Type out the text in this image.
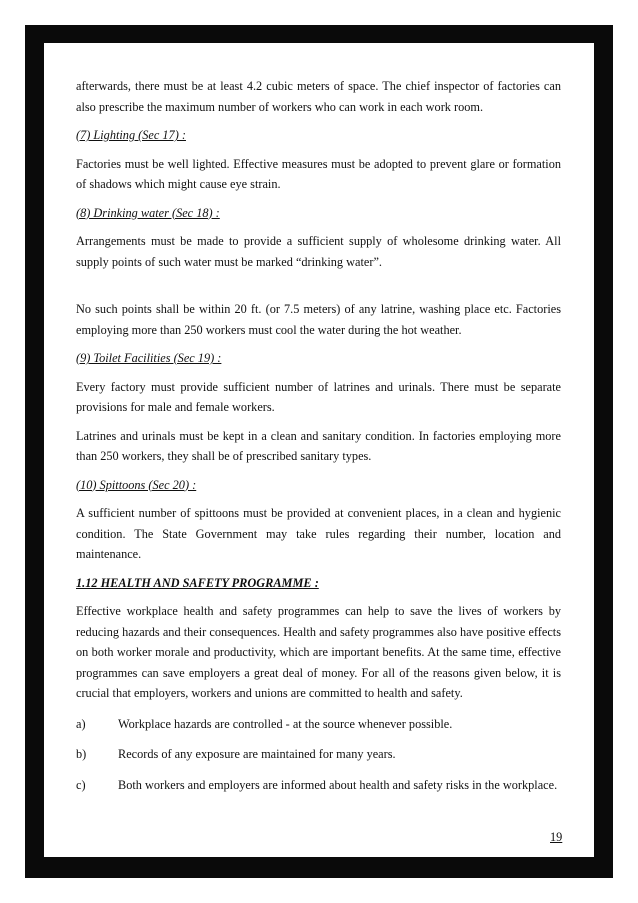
afterwards, there must be at least 4.2 cubic meters of space. The chief inspector of factories can also prescribe the maximum number of workers who can work in each work room.

(7) Lighting (Sec 17) :

Factories must be well lighted. Effective measures must be adopted to prevent glare or formation of shadows which might cause eye strain.

(8) Drinking water (Sec 18) :

Arrangements must be made to provide a sufficient supply of wholesome drinking water. All supply points of such water must be marked “drinking water”.

No such points shall be within 20 ft. (or 7.5 meters) of any latrine, washing place etc. Factories employing more than 250 workers must cool the water during the hot weather.

(9) Toilet Facilities (Sec 19) :

Every factory must provide sufficient number of latrines and urinals. There must be separate provisions for male and female workers.

Latrines and urinals must be kept in a clean and sanitary condition. In factories employing more than 250 workers, they shall be of prescribed sanitary types.

(10) Spittoons (Sec 20) :

A sufficient number of spittoons must be provided at convenient places, in a clean and hygienic condition. The State Government may take rules regarding their number, location and maintenance.

1.12 HEALTH AND SAFETY PROGRAMME :

Effective workplace health and safety programmes can help to save the lives of workers by reducing hazards and their consequences. Health and safety programmes also have positive effects on both worker morale and productivity, which are important benefits. At the same time, effective programmes can save employers a great deal of money. For all of the reasons given below, it is crucial that employers, workers and unions are committed to health and safety.

a)	Workplace hazards are controlled - at the source whenever possible.
b)	Records of any exposure are maintained for many years.
c)	Both workers and employers are informed about health and safety risks in the workplace.
19
